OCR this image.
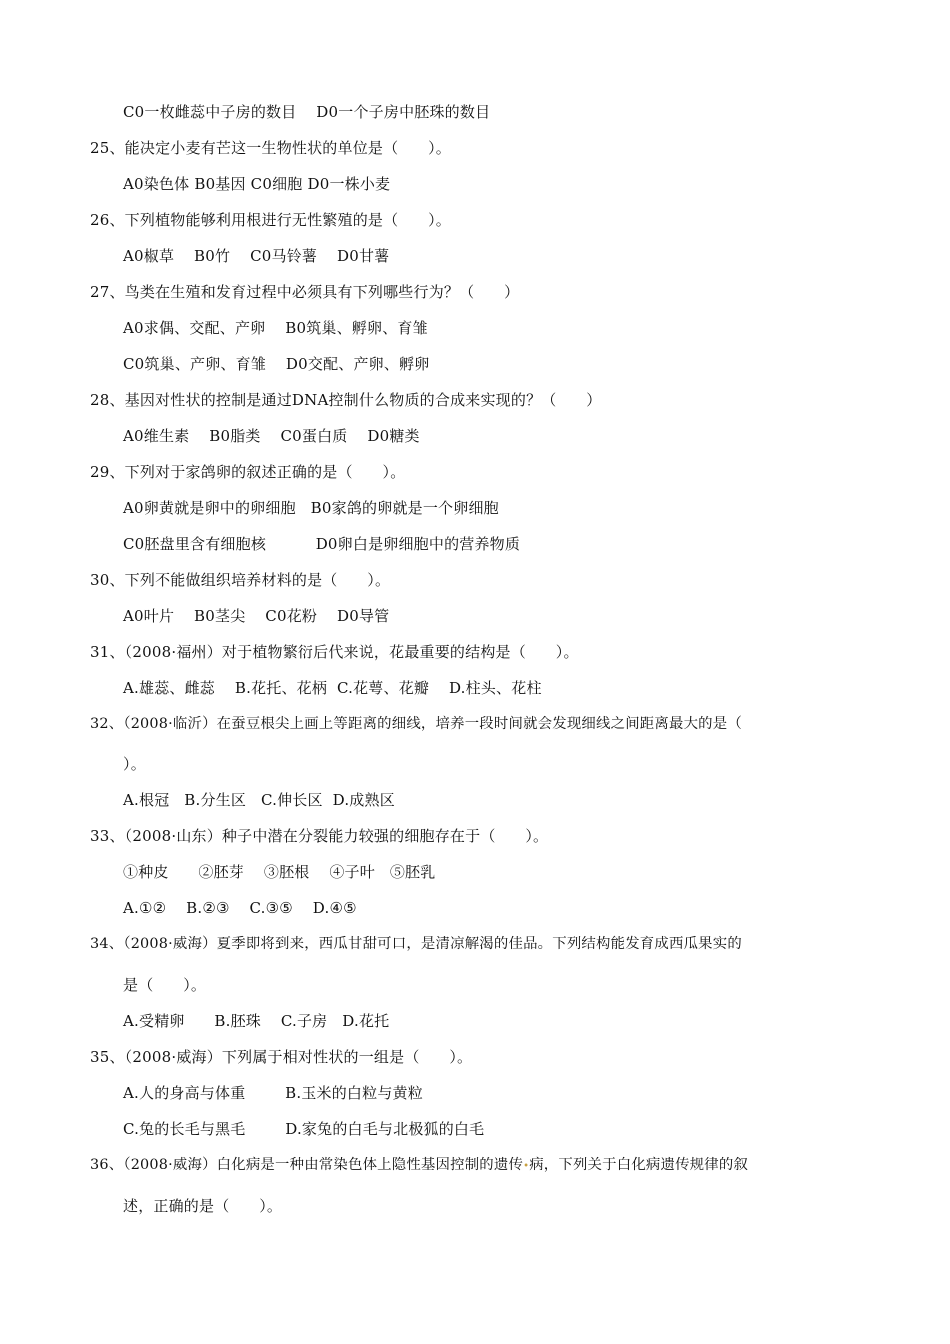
C0一枚雌蕊中子房的数目    D0一个子房中胚珠的数目
25、能决定小麦有芒这一生物性状的单位是（      ）。
A0染色体 B0基因 C0细胞 D0一株小麦
26、下列植物能够利用根进行无性繁殖的是（      ）。
A0椒草    B0竹    C0马铃薯    D0甘薯
27、鸟类在生殖和发育过程中必须具有下列哪些行为？（      ）
A0求偶、交配、产卵    B0筑巢、孵卵、育雏
C0筑巢、产卵、育雏    D0交配、产卵、孵卵
28、基因对性状的控制是通过DNA控制什么物质的合成来实现的？（      ）
A0维生素    B0脂类    C0蛋白质    D0糖类
29、下列对于家鸽卵的叙述正确的是（      ）。
A0卵黄就是卵中的卵细胞   B0家鸽的卵就是一个卵细胞
C0胚盘里含有细胞核          D0卵白是卵细胞中的营养物质
30、下列不能做组织培养材料的是（      ）。
A0叶片    B0茎尖    C0花粉    D0导管
31、（2008·福州）对于植物繁衍后代来说，花最重要的结构是（      ）。
A.雄蕊、雌蕊    B.花托、花柄  C.花萼、花瓣    D.柱头、花柱
32、（2008·临沂）在蚕豆根尖上画上等距离的细线，培养一段时间就会发现细线之间距离最大的是（
）。
A.根冠   B.分生区   C.伸长区  D.成熟区
33、（2008·山东）种子中潜在分裂能力较强的细胞存在于（      ）。
①种皮      ②胚芽    ③胚根    ④子叶   ⑤胚乳
A.①②    B.②③    C.③⑤    D.④⑤
34、（2008·威海）夏季即将到来，西瓜甘甜可口，是清凉解渴的佳品。下列结构能发育成西瓜果实的
是（      ）。
A.受精卵      B.胚珠    C.子房   D.花托
35、（2008·威海）下列属于相对性状的一组是（      ）。
A.人的身高与体重        B.玉米的白粒与黄粒
C.兔的长毛与黑毛        D.家兔的白毛与北极狐的白毛
36、（2008·威海）白化病是一种由常染色体上隐性基因控制的遗传•病，下列关于白化病遗传规律的叙
述，正确的是（      ）。
